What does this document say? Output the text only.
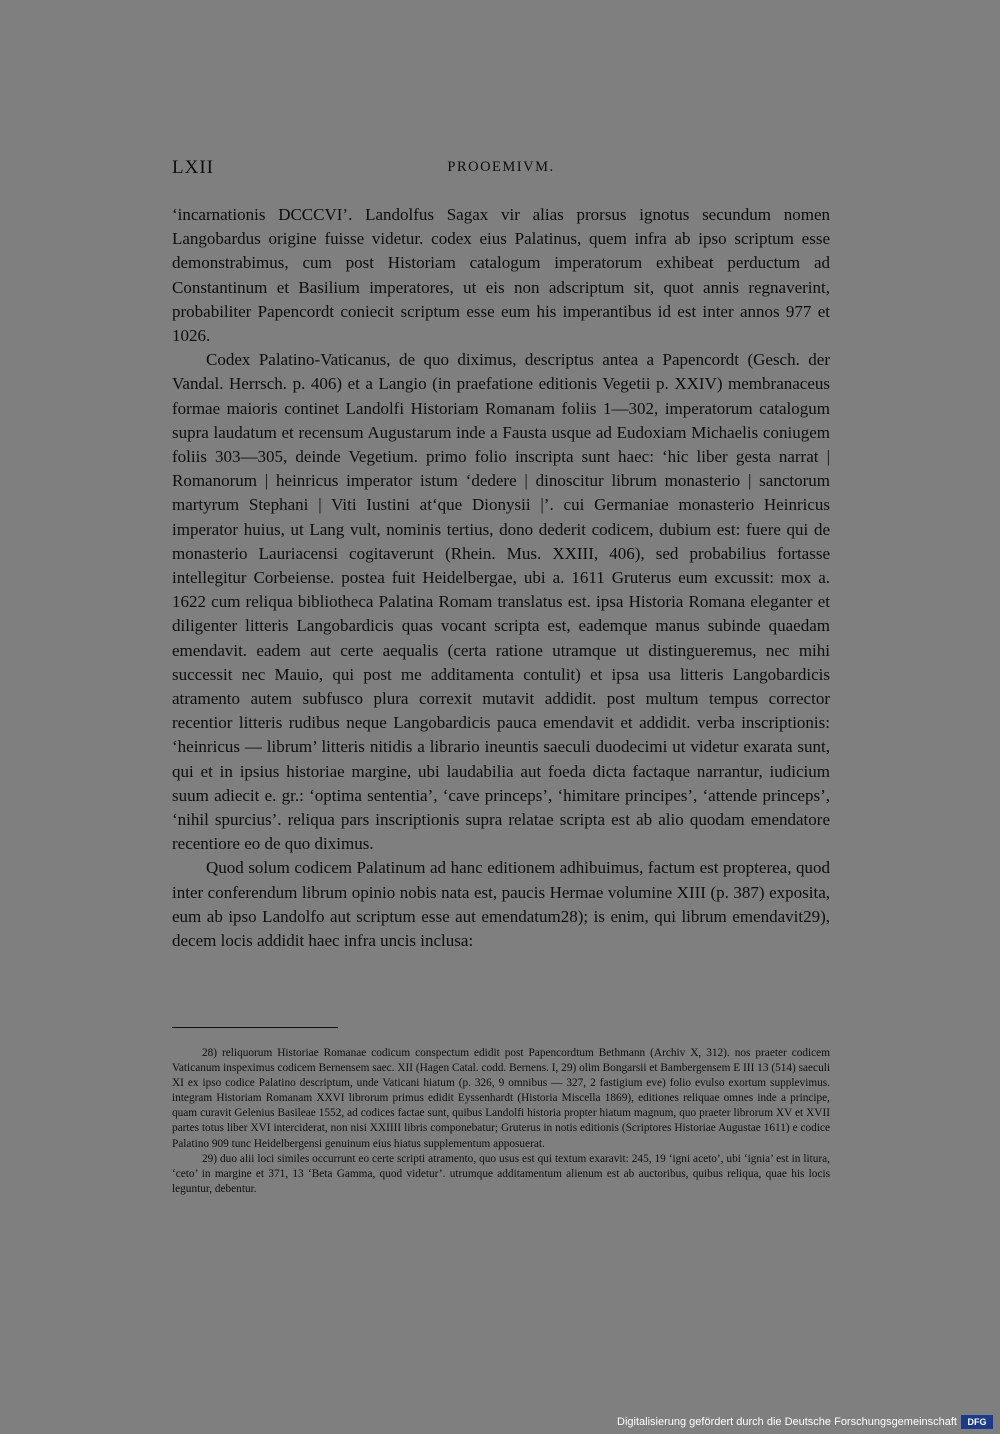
LXII	PROOEMIVM.

‘incarnationis DCCCVI’. Landolfus Sagax vir alias prorsus ignotus secundum nomen Langobardus origine fuisse videtur. codex eius Palatinus, quem infra ab ipso scriptum esse demonstrabimus, cum post Historiam catalogum imperatorum exhibeat perductum ad Constantinum et Basilium imperatores, ut eis non adscriptum sit, quot annis regnaverint, probabiliter Papencordt coniecit scriptum esse eum his imperantibus id est inter annos 977 et 1026.

Codex Palatino-Vaticanus, de quo diximus, descriptus antea a Papencordt (Gesch. der Vandal. Herrsch. p. 406) et a Langio (in praefatione editionis Vegetii p. XXIV) membranaceus formae maioris continet Landolfi Historiam Romanam foliis 1—302, imperatorum catalogum supra laudatum et recensum Augustarum inde a Fausta usque ad Eudoxiam Michaelis coniugem foliis 303—305, deinde Vegetium. primo folio inscripta sunt haec: ‘hic liber gesta narrat | Romanorum | heinricus imperator istum ‘dedere | dinoscitur librum monasterio | sanctorum martyrum Stephani | Viti Iustini at‘que Dionysii |’. cui Germaniae monasterio Heinricus imperator huius, ut Lang vult, nominis tertius, dono dederit codicem, dubium est: fuere qui de monasterio Lauriacensi cogitaverunt (Rhein. Mus. XXIII, 406), sed probabilius fortasse intellegitur Corbeiense. postea fuit Heidelbergae, ubi a. 1611 Gruterus eum excussit: mox a. 1622 cum reliqua bibliotheca Palatina Romam translatus est. ipsa Historia Romana eleganter et diligenter litteris Langobardicis quas vocant scripta est, eademque manus subinde quaedam emendavit. eadem aut certe aequalis (certa ratione utramque ut distingueremus, nec mihi successit nec Mauio, qui post me additamenta contulit) et ipsa usa litteris Langobardicis atramento autem subfusco plura correxit mutavit addidit. post multum tempus corrector recentior litteris rudibus neque Langobardicis pauca emendavit et addidit. verba inscriptionis: ‘heinricus — librum’ litteris nitidis a librario ineuntis saeculi duodecimi ut videtur exarata sunt, qui et in ipsius historiae margine, ubi laudabilia aut foeda dicta factaque narrantur, iudicium suum adiecit e. gr.: ‘optima sententia’, ‘cave princeps’, ‘himitare principes’, ‘attende princeps’, ‘nihil spurcius’. reliqua pars inscriptionis supra relatae scripta est ab alio quodam emendatore recentiore eo de quo diximus.

Quod solum codicem Palatinum ad hanc editionem adhibuimus, factum est propterea, quod inter conferendum librum opinio nobis nata est, paucis Hermae volumine XIII (p. 387) exposita, eum ab ipso Landolfo aut scriptum esse aut emendatum28); is enim, qui librum emendavit29), decem locis addidit haec infra uncis inclusa:

28) reliquorum Historiae Romanae codicum conspectum edidit post Papencordtum Bethmann (Archiv X, 312). nos praeter codicem Vaticanum inspeximus codicem Bernensem saec. XII (Hagen Catal. codd. Bernens. I, 29) olim Bongarsii et Bambergensem E III 13 (514) saeculi XI ex ipso codice Palatino descriptum, unde Vaticani hiatum (p. 326, 9 omnibus — 327, 2 fastigium eve) folio evulso exortum supplevimus. integram Historiam Romanam XXVI librorum primus edidit Eyssenhardt (Historia Miscella 1869), editiones reliquae omnes inde a principe, quam curavit Gelenius Basileae 1552, ad codices factae sunt, quibus Landolfi historia propter hiatum magnum, quo praeter librorum XV et XVII partes totus liber XVI interciderat, non nisi XXIIII libris componebatur; Gruterus in notis editionis (Scriptores Historiae Augustae 1611) e codice Palatino 909 tunc Heidelbergensi genuinum eius hiatus supplementum apposuerat.

29) duo alii loci similes occurrunt eo certe scripti atramento, quo usus est qui textum exaravit: 245, 19 ‘igni aceto’, ubi ‘ignia’ est in litura, ‘ceto’ in margine et 371, 13 ‘Beta Gamma, quod videtur’. utrumque additamentum alienum est ab auctoribus, quibus reliqua, quae his locis leguntur, debentur.

Digitalisierung gefördert durch die Deutsche Forschungsgemeinschaft	DFG
